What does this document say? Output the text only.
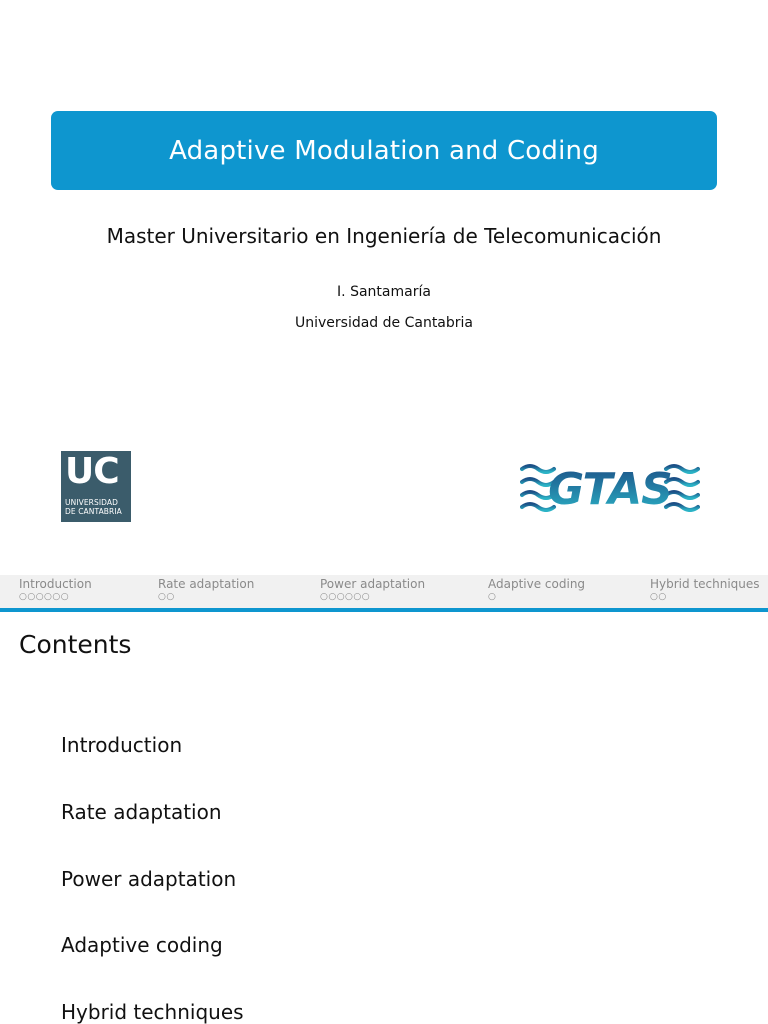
Adaptive Modulation and Coding
Master Universitario en Ingeniería de Telecomunicación
I. Santamaría
Universidad de Cantabria
UC
UNIVERSIDAD
DE CANTABRIA	GTAS
Introduction
○○○○○○
Rate adaptation
○○
Power adaptation
○○○○○○
Adaptive coding
○
Hybrid techniques
○○
Contents
Introduction
Rate adaptation
Power adaptation
Adaptive coding
Hybrid techniques
